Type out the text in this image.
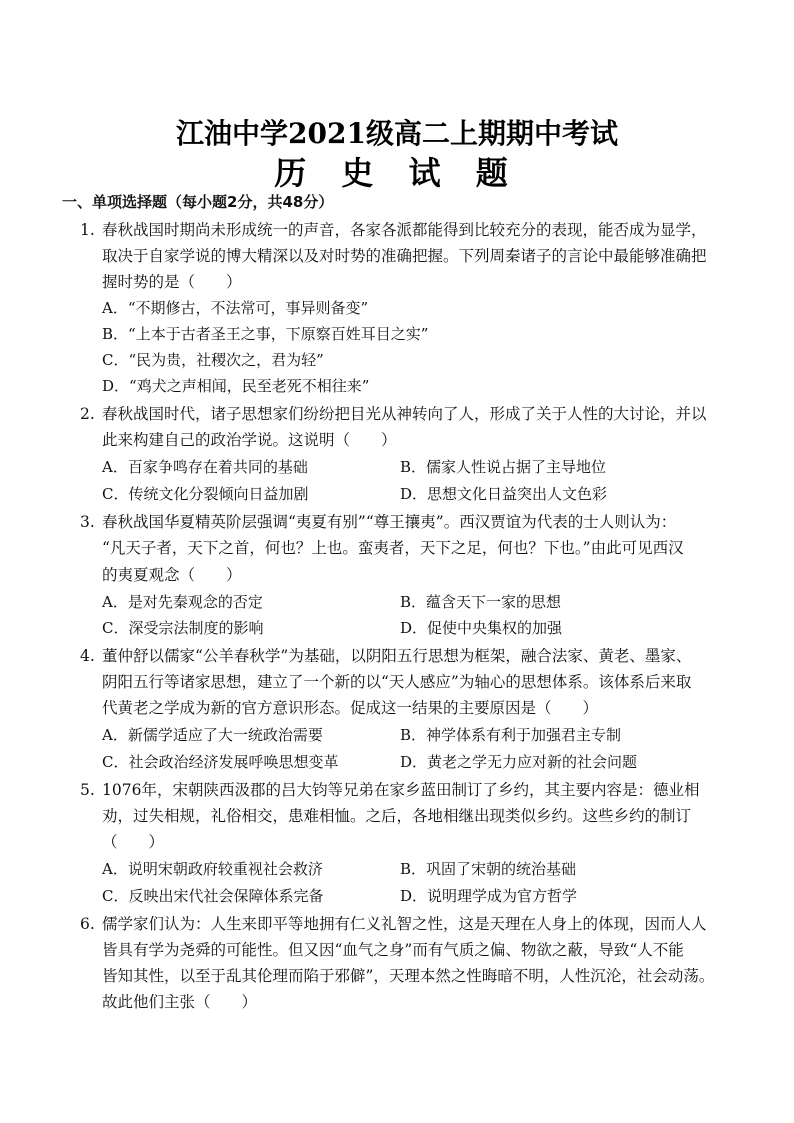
江油中学2021级高二上期期中考试
历 史 试 题
一、单项选择题（每小题2分，共48分）
1. 春秋战国时期尚未形成统一的声音，各家各派都能得到比较充分的表现，能否成为显学，
取决于自家学说的博大精深以及对时势的准确把握。下列周秦诸子的言论中最能够准确把
握时势的是（　　）
A．“不期修古，不法常可，事异则备变”
B．“上本于古者圣王之事，下原察百姓耳目之实”
C．“民为贵，社稷次之，君为轻”
D．“鸡犬之声相闻，民至老死不相往来”
2. 春秋战国时代，诸子思想家们纷纷把目光从神转向了人，形成了关于人性的大讨论，并以
此来构建自己的政治学说。这说明（　　）
A．百家争鸣存在着共同的基础	B．儒家人性说占据了主导地位
C．传统文化分裂倾向日益加剧	D．思想文化日益突出人文色彩
3. 春秋战国华夏精英阶层强调“夷夏有别”“尊王攘夷”。西汉贾谊为代表的士人则认为：
“凡天子者，天下之首，何也？上也。蛮夷者，天下之足，何也？下也。”由此可见西汉
的夷夏观念（　　）
A．是对先秦观念的否定	B．蕴含天下一家的思想
C．深受宗法制度的影响	D．促使中央集权的加强
4. 董仲舒以儒家“公羊春秋学”为基础，以阴阳五行思想为框架，融合法家、黄老、墨家、
阴阳五行等诸家思想，建立了一个新的以“天人感应”为轴心的思想体系。该体系后来取
代黄老之学成为新的官方意识形态。促成这一结果的主要原因是（　　）
A．新儒学适应了大一统政治需要	B．神学体系有利于加强君主专制
C．社会政治经济发展呼唤思想变革	D．黄老之学无力应对新的社会问题
5. 1076年，宋朝陕西汲郡的吕大钧等兄弟在家乡蓝田制订了乡约，其主要内容是：德业相
劝，过失相规，礼俗相交，患难相恤。之后，各地相继出现类似乡约。这些乡约的制订
（　　）
A．说明宋朝政府较重视社会救济	B．巩固了宋朝的统治基础
C．反映出宋代社会保障体系完备	D．说明理学成为官方哲学
6. 儒学家们认为：人生来即平等地拥有仁义礼智之性，这是天理在人身上的体现，因而人人
皆具有学为尧舜的可能性。但又因“血气之身”而有气质之偏、物欲之蔽，导致“人不能
皆知其性，以至于乱其伦理而陷于邪僻”，天理本然之性晦暗不明，人性沉沦，社会动荡。
故此他们主张（　　）
